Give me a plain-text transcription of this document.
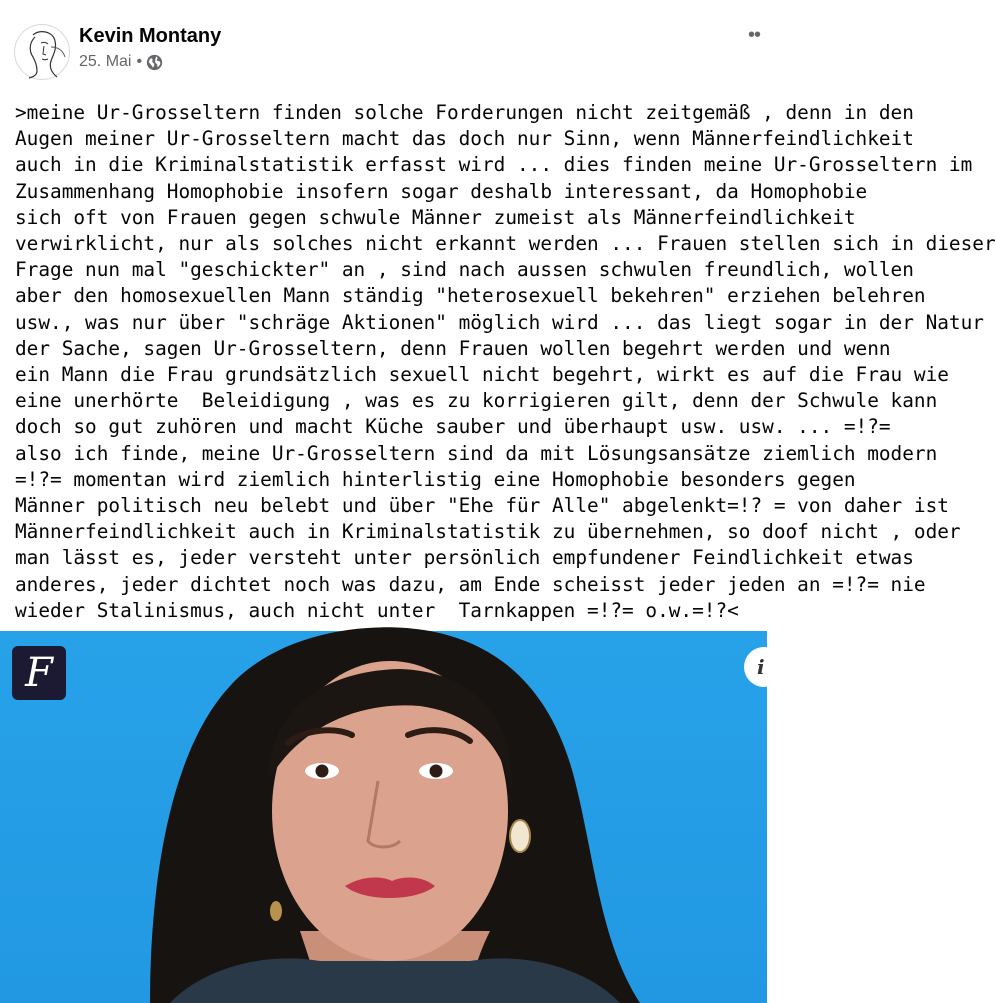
Kevin Montany
25. Mai •
••
>meine Ur-Grosseltern finden solche Forderungen nicht zeitgemäß , denn in den
Augen meiner Ur-Grosseltern macht das doch nur Sinn, wenn Männerfeindlichkeit
auch in die Kriminalstatistik erfasst wird ... dies finden meine Ur-Grosseltern im
Zusammenhang Homophobie insofern sogar deshalb interessant, da Homophobie
sich oft von Frauen gegen schwule Männer zumeist als Männerfeindlichkeit
verwirklicht, nur als solches nicht erkannt werden ... Frauen stellen sich in dieser
Frage nun mal "geschickter" an , sind nach aussen schwulen freundlich, wollen
aber den homosexuellen Mann ständig "heterosexuell bekehren" erziehen belehren
usw., was nur über "schräge Aktionen" möglich wird ... das liegt sogar in der Natur
der Sache, sagen Ur-Grosseltern, denn Frauen wollen begehrt werden und wenn
ein Mann die Frau grundsätzlich sexuell nicht begehrt, wirkt es auf die Frau wie
eine unerhörte  Beleidigung , was es zu korrigieren gilt, denn der Schwule kann
doch so gut zuhören und macht Küche sauber und überhaupt usw. usw. ... =!?=
also ich finde, meine Ur-Grosseltern sind da mit Lösungsansätze ziemlich modern
=!?= momentan wird ziemlich hinterlistig eine Homophobie besonders gegen
Männer politisch neu belebt und über "Ehe für Alle" abgelenkt=!? = von daher ist
Männerfeindlichkeit auch in Kriminalstatistik zu übernehmen, so doof nicht , oder
man lässt es, jeder versteht unter persönlich empfundener Feindlichkeit etwas
anderes, jeder dichtet noch was dazu, am Ende scheisst jeder jeden an =!?= nie
wieder Stalinismus, auch nicht unter  Tarnkappen =!?= o.w.=!?<
F	i
